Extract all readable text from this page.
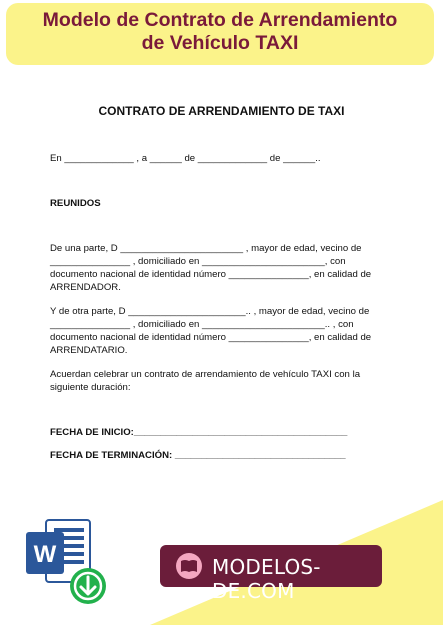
Modelo de Contrato de Arrendamiento
de Vehículo TAXI
CONTRATO DE ARRENDAMIENTO DE TAXI
En _____________ , a ______ de _____________ de ______..
REUNIDOS
De una parte, D _______________________ , mayor de edad, vecino de
_______________ , domiciliado en _______________________, con
documento nacional de identidad número _______________, en calidad de
ARRENDADOR.
Y de otra parte, D ______________________.. , mayor de edad, vecino de
_______________ , domiciliado en _______________________.. , con
documento nacional de identidad número _______________, en calidad de
ARRENDATARIO.
Acuerdan celebrar un contrato de arrendamiento de vehículo TAXI con la
siguiente duración:
FECHA DE INICIO:________________________________________
FECHA DE TERMINACIÓN: ________________________________
W	MODELOS-DE.COM
